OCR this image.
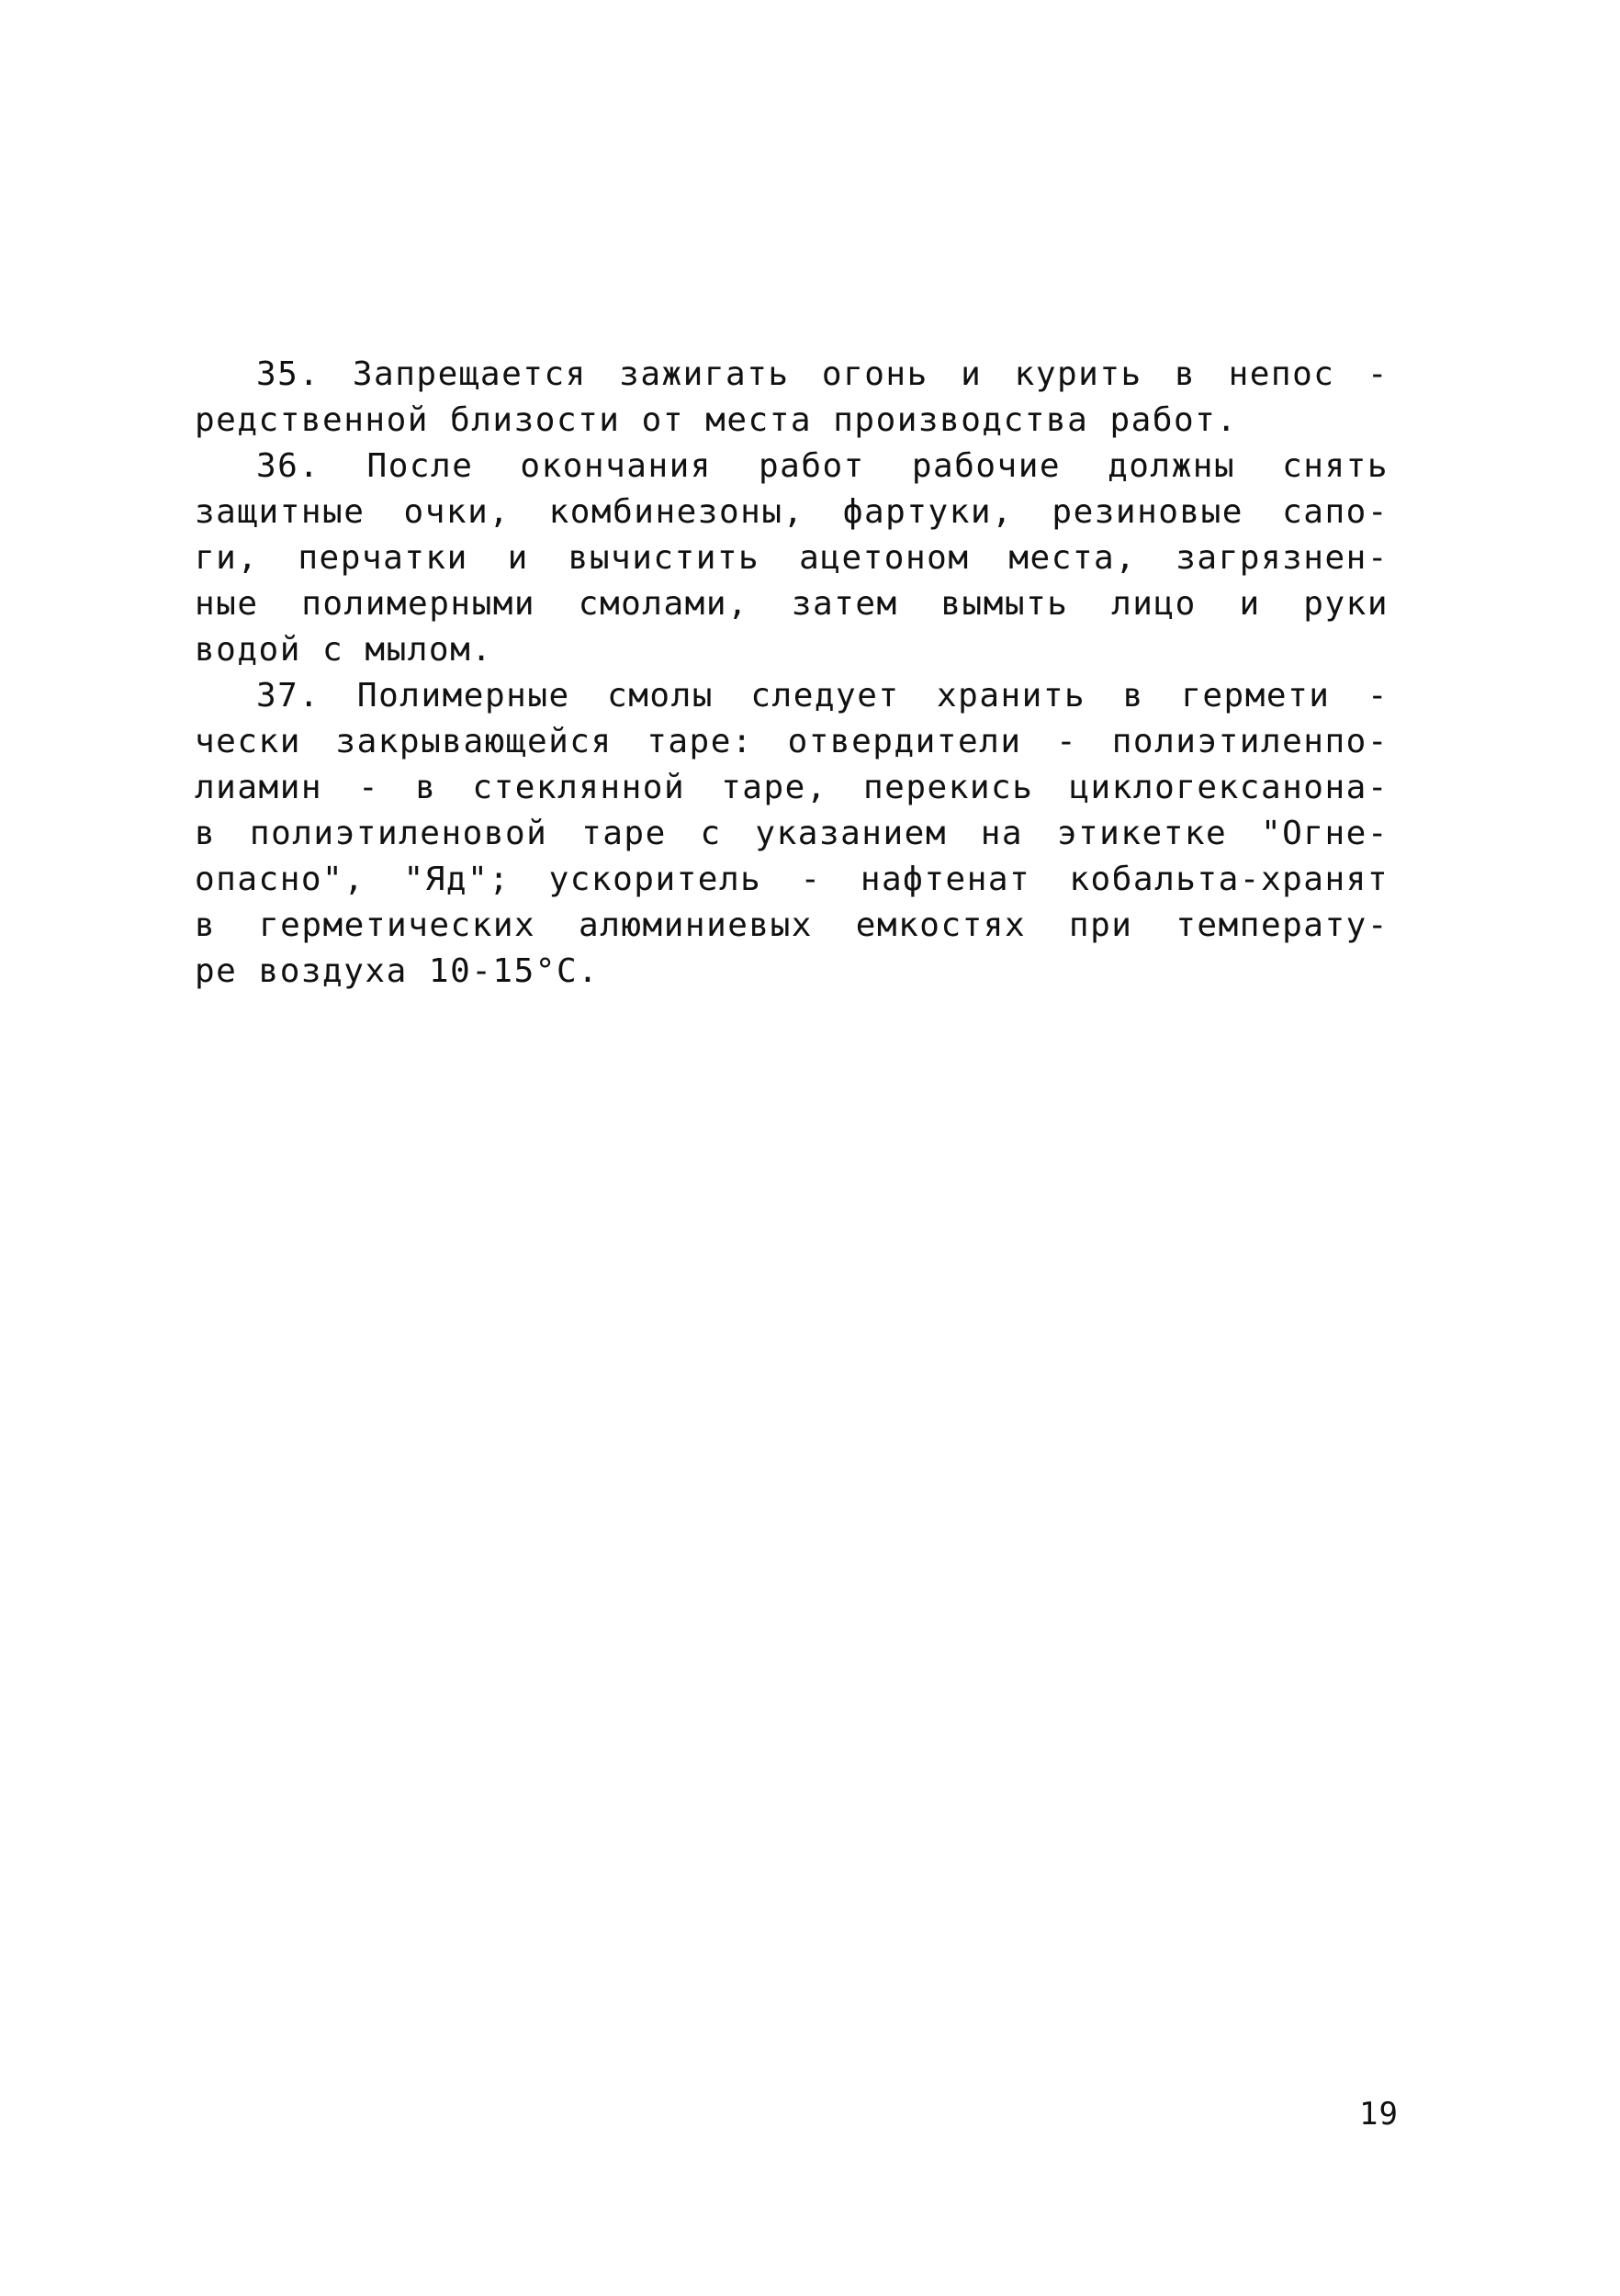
35. Запрещается зажигать огонь и курить в непос -
редственной близости от места производства работ.
36. После окончания работ рабочие должны снять
защитные очки, комбинезоны, фартуки, резиновые сапо-
ги, перчатки и вычистить ацетоном места, загрязнен-
ные полимерными смолами, затем вымыть лицо и руки
водой с мылом.
37. Полимерные смолы следует хранить в гермети -
чески закрывающейся таре: отвердители - полиэтиленпо-
лиамин - в стеклянной таре, перекись циклогексанона-
в полиэтиленовой таре с указанием на этикетке "Огне-
опасно", "Яд"; ускоритель - нафтенат кобальта-хранят
в герметических алюминиевых емкостях при температу-
ре воздуха 10-15°С.
19
